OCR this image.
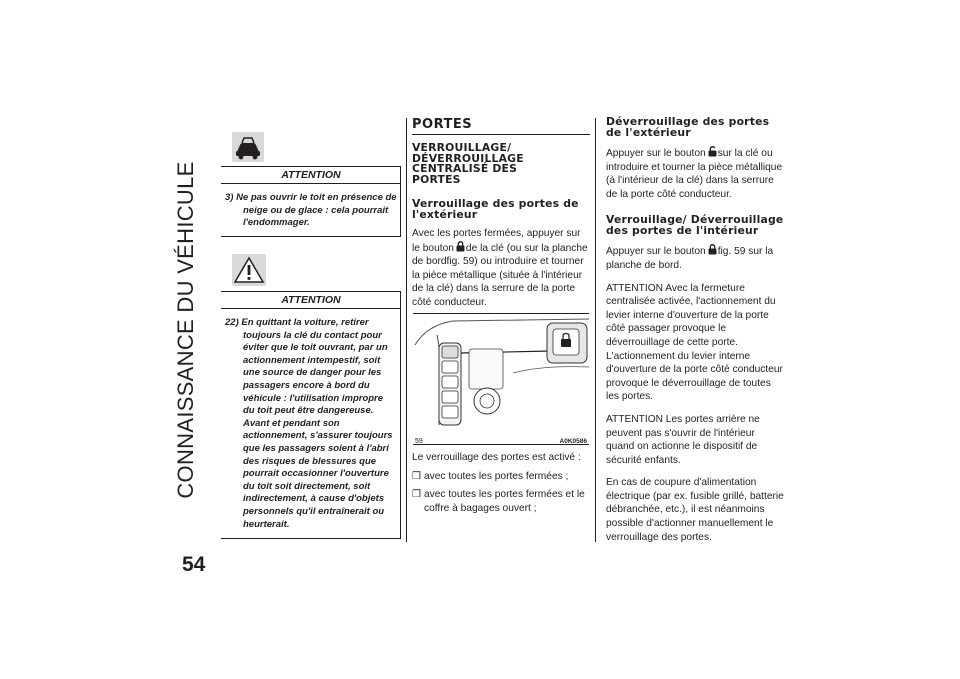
CONNAISSANCE DU VÉHICULE	ATTENTION
3) Ne pas ouvrir le toit en présence de neige ou de glace : cela pourrait l'endommager.
ATTENTION
22) En quittant la voiture, retirer toujours la clé du contact pour éviter que le toit ouvrant, par un actionnement intempestif, soit une source de danger pour les passagers encore à bord du véhicule : l'utilisation impropre du toit peut être dangereuse. Avant et pendant son actionnement, s'assurer toujours que les passagers soient à l'abri des risques de blessures que pourrait occasionner l'ouverture du toit soit directement, soit indirectement, à cause d'objets personnels qu'il entraînerait ou heurterait.
PORTES
VERROUILLAGE/ DÉVERROUILLAGE CENTRALISÉ DES PORTES
Verrouillage des portes de l'extérieur

Avec les portes fermées, appuyer sur le bouton de la clé (ou sur la planche de bordfig. 59) ou introduire et tourner la pièce métallique (située à l'intérieur de la clé) dans la serrure de la porte côté conducteur.

59	A0K0586

Le verrouillage des portes est activé :

❒ avec toutes les portes fermées ;
❒ avec toutes les portes fermées et le coffre à bagages ouvert ;
Déverrouillage des portes de l'extérieur

Appuyer sur le bouton sur la clé ou introduire et tourner la pièce métallique (à l'intérieur de la clé) dans la serrure de la porte côté conducteur.

Verrouillage/ Déverrouillage des portes de l'intérieur

Appuyer sur le bouton fig. 59 sur la planche de bord.

ATTENTION Avec la fermeture centralisée activée, l'actionnement du levier interne d'ouverture de la porte côté passager provoque le déverrouillage de cette porte. L'actionnement du levier interne d'ouverture de la porte côté conducteur provoque le déverrouillage de toutes les portes.

ATTENTION Les portes arrière ne peuvent pas s'ouvrir de l'intérieur quand on actionne le dispositif de sécurité enfants.

En cas de coupure d'alimentation électrique (par ex. fusible grillé, batterie débranchée, etc.), il est néanmoins possible d'actionner manuellement le verrouillage des portes.

54
